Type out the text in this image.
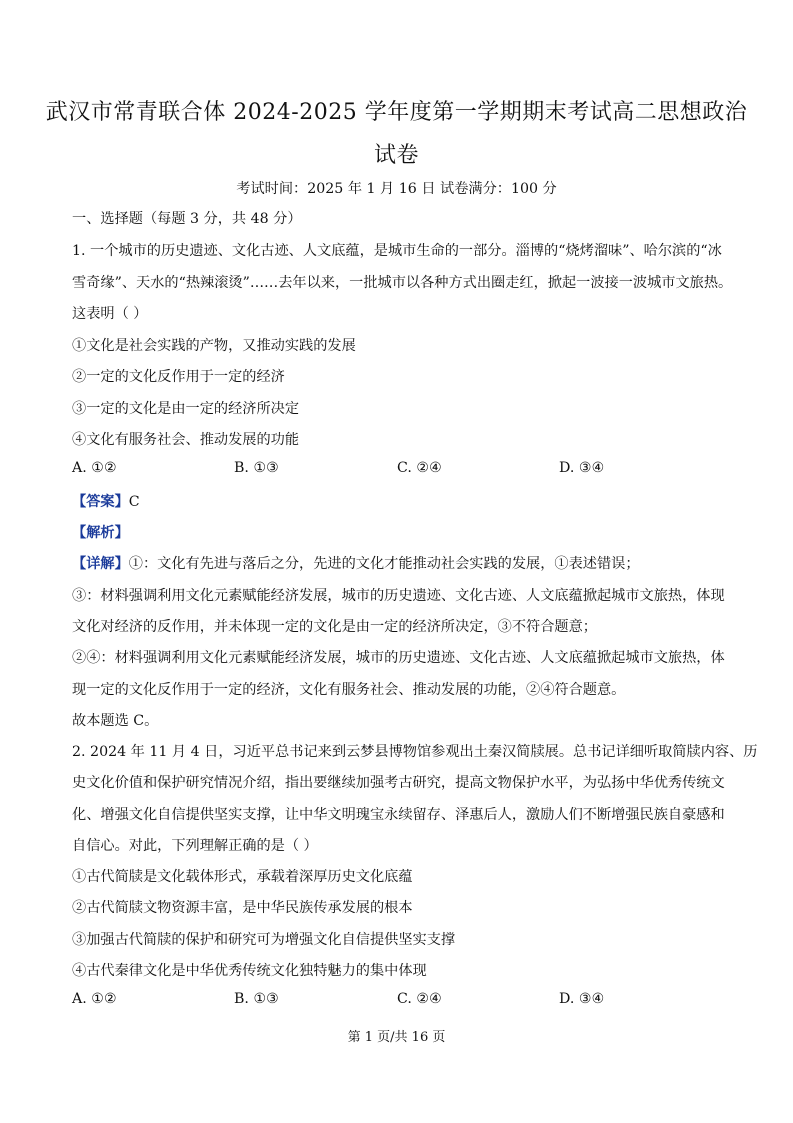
武汉市常青联合体 2024-2025 学年度第一学期期末考试高二思想政治
试卷
考试时间：2025 年 1 月 16 日 试卷满分：100 分
一、选择题（每题 3 分，共 48 分）
1. 一个城市的历史遗迹、文化古迹、人文底蕴，是城市生命的一部分。淄博的“烧烤溜味”、哈尔滨的“冰
雪奇缘”、天水的“热辣滚烫”……去年以来，一批城市以各种方式出圈走红，掀起一波接一波城市文旅热。
这表明（ ）
①文化是社会实践的产物，又推动实践的发展
②一定的文化反作用于一定的经济
③一定的文化是由一定的经济所决定
④文化有服务社会、推动发展的功能
A. ①②	B. ①③	C. ②④	D. ③④
【答案】C
【解析】
【详解】①：文化有先进与落后之分，先进的文化才能推动社会实践的发展，①表述错误；
③：材料强调利用文化元素赋能经济发展，城市的历史遗迹、文化古迹、人文底蕴掀起城市文旅热，体现
文化对经济的反作用，并未体现一定的文化是由一定的经济所决定，③不符合题意；
②④：材料强调利用文化元素赋能经济发展，城市的历史遗迹、文化古迹、人文底蕴掀起城市文旅热，体
现一定的文化反作用于一定的经济，文化有服务社会、推动发展的功能，②④符合题意。
故本题选 C。
2. 2024 年 11 月 4 日，习近平总书记来到云梦县博物馆参观出土秦汉简牍展。总书记详细听取简牍内容、历
史文化价值和保护研究情况介绍，指出要继续加强考古研究，提高文物保护水平，为弘扬中华优秀传统文
化、增强文化自信提供坚实支撑，让中华文明瑰宝永续留存、泽惠后人，激励人们不断增强民族自豪感和
自信心。对此，下列理解正确的是（ ）
①古代简牍是文化载体形式，承载着深厚历史文化底蕴
②古代简牍文物资源丰富，是中华民族传承发展的根本
③加强古代简牍的保护和研究可为增强文化自信提供坚实支撑
④古代秦律文化是中华优秀传统文化独特魅力的集中体现
A. ①②	B. ①③	C. ②④	D. ③④
第 1 页/共 16 页
